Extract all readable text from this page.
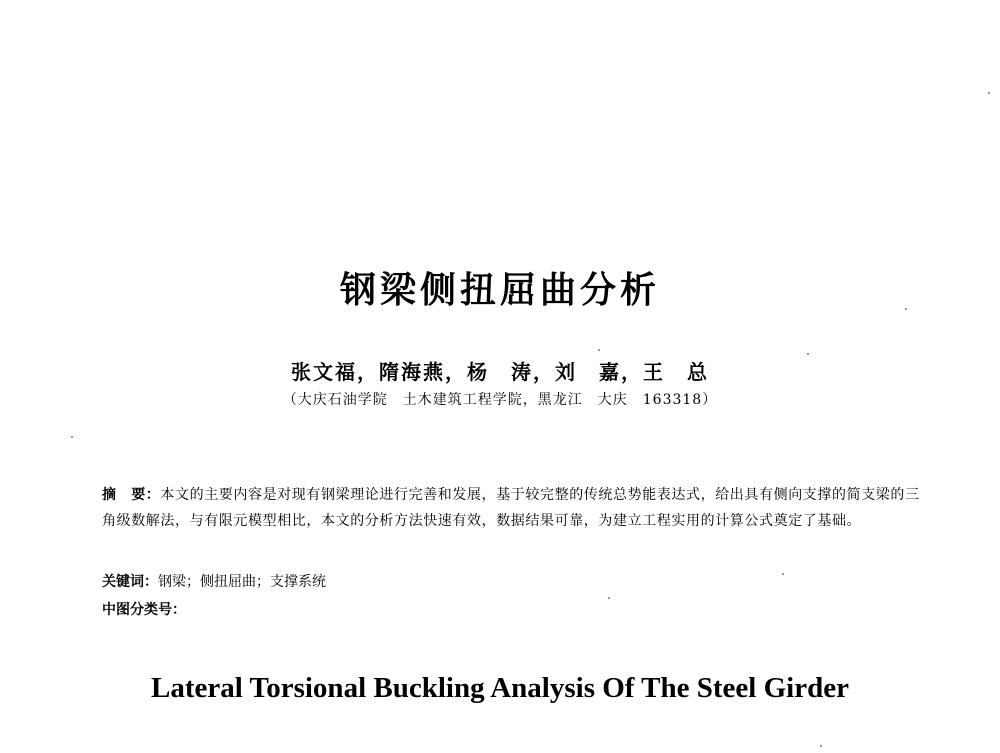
钢梁侧扭屈曲分析
张文福，隋海燕，杨　涛，刘　嘉，王　总
（大庆石油学院　土木建筑工程学院，黑龙江　大庆　163318）
摘　要：本文的主要内容是对现有钢梁理论进行完善和发展，基于较完整的传统总势能表达式，给出具有侧向支撑的简支梁的三角级数解法，与有限元模型相比，本文的分析方法快速有效，数据结果可靠，为建立工程实用的计算公式奠定了基础。
关键词：钢梁；侧扭屈曲；支撑系统
中图分类号：
Lateral Torsional Buckling Analysis Of The Steel Girder
